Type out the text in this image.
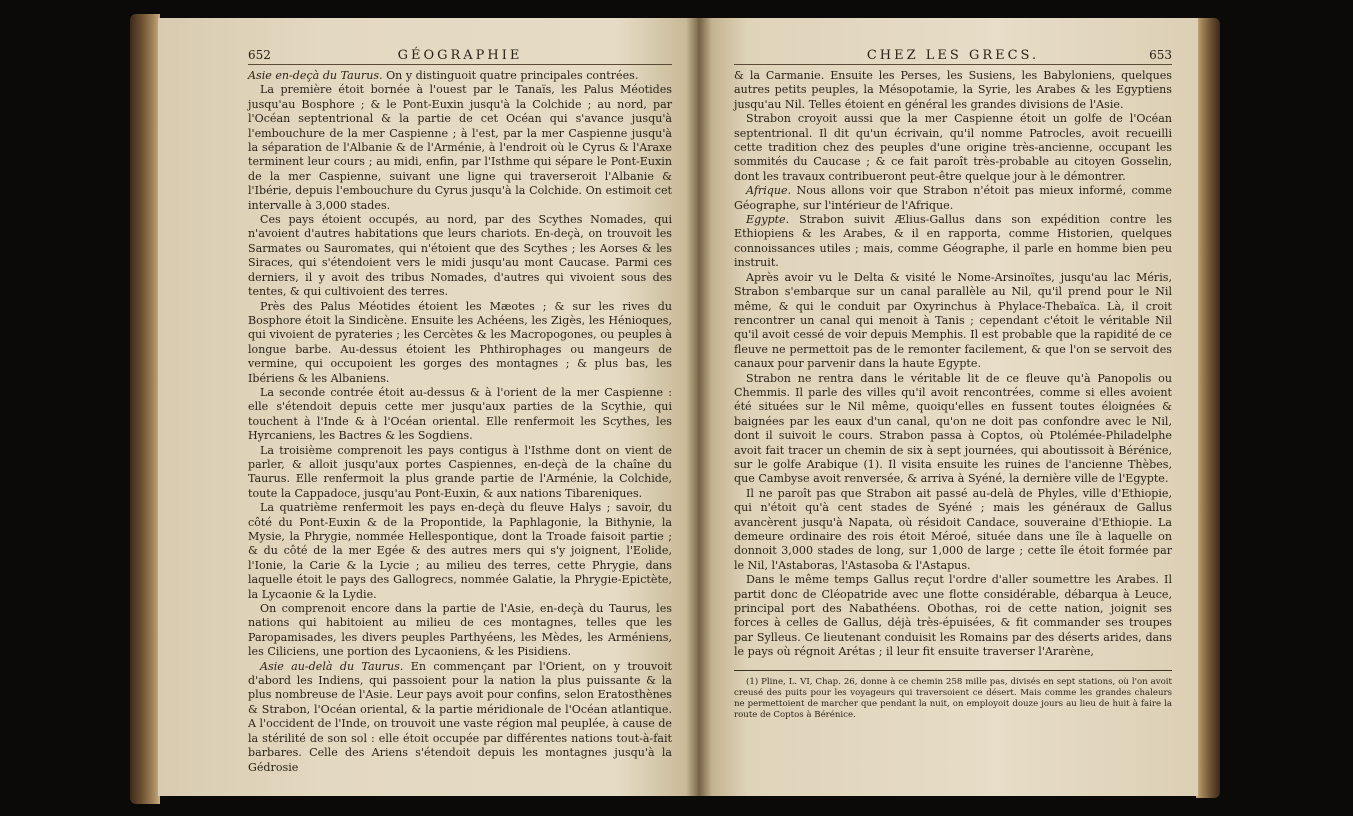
652	GÉOGRAPHIE

Asie en-deçà du Taurus. On y distinguoit quatre principales contrées.

La première étoit bornée à l'ouest par le Tanaïs, les Palus Méotides jusqu'au Bosphore ; & le Pont-Euxin jusqu'à la Colchide ; au nord, par l'Océan septentrional & la partie de cet Océan qui s'avance jusqu'à l'embouchure de la mer Caspienne ; à l'est, par la mer Caspienne jusqu'à la séparation de l'Albanie & de l'Arménie, à l'endroit où le Cyrus & l'Araxe terminent leur cours ; au midi, enfin, par l'Isthme qui sépare le Pont-Euxin de la mer Caspienne, suivant une ligne qui traverseroit l'Albanie & l'Ibérie, depuis l'embouchure du Cyrus jusqu'à la Colchide. On estimoit cet intervalle à 3,000 stades.

Ces pays étoient occupés, au nord, par des Scythes Nomades, qui n'avoient d'autres habitations que leurs chariots. En-deçà, on trouvoit les Sarmates ou Sauromates, qui n'étoient que des Scythes ; les Aorses & les Siraces, qui s'étendoient vers le midi jusqu'au mont Caucase. Parmi ces derniers, il y avoit des tribus Nomades, d'autres qui vivoient sous des tentes, & qui cultivoient des terres.

Près des Palus Méotides étoient les Mæotes ; & sur les rives du Bosphore étoit la Sindicène. Ensuite les Achéens, les Zigès, les Hénioques, qui vivoient de pyrateries ; les Cercètes & les Macropogones, ou peuples à longue barbe. Au-dessus étoient les Phthirophages ou mangeurs de vermine, qui occupoient les gorges des montagnes ; & plus bas, les Ibériens & les Albaniens.

La seconde contrée étoit au-dessus & à l'orient de la mer Caspienne : elle s'étendoit depuis cette mer jusqu'aux parties de la Scythie, qui touchent à l'Inde & à l'Océan oriental. Elle renfermoit les Scythes, les Hyrcaniens, les Bactres & les Sogdiens.

La troisième comprenoit les pays contigus à l'Isthme dont on vient de parler, & alloit jusqu'aux portes Caspiennes, en-deçà de la chaîne du Taurus. Elle renfermoit la plus grande partie de l'Arménie, la Colchide, toute la Cappadoce, jusqu'au Pont-Euxin, & aux nations Tibareniques.

La quatrième renfermoit les pays en-deçà du fleuve Halys ; savoir, du côté du Pont-Euxin & de la Propontide, la Paphlagonie, la Bithynie, la Mysie, la Phrygie, nommée Hellespontique, dont la Troade faisoit partie ; & du côté de la mer Egée & des autres mers qui s'y joignent, l'Eolide, l'Ionie, la Carie & la Lycie ; au milieu des terres, cette Phrygie, dans laquelle étoit le pays des Gallogrecs, nommée Galatie, la Phrygie-Epictète, la Lycaonie & la Lydie.

On comprenoit encore dans la partie de l'Asie, en-deçà du Taurus, les nations qui habitoient au milieu de ces montagnes, telles que les Paropamisades, les divers peuples Parthyéens, les Mèdes, les Arméniens, les Ciliciens, une portion des Lycaoniens, & les Pisidiens.

Asie au-delà du Taurus. En commençant par l'Orient, on y trouvoit d'abord les Indiens, qui passoient pour la nation la plus puissante & la plus nombreuse de l'Asie. Leur pays avoit pour confins, selon Eratosthènes & Strabon, l'Océan oriental, & la partie méridionale de l'Océan atlantique. A l'occident de l'Inde, on trouvoit une vaste région mal peuplée, à cause de la stérilité de son sol : elle étoit occupée par différentes nations tout-à-fait barbares. Celle des Ariens s'étendoit depuis les montagnes jusqu'à la Gédrosie

CHEZ LES GRECS.	653

& la Carmanie. Ensuite les Perses, les Susiens, les Babyloniens, quelques autres petits peuples, la Mésopotamie, la Syrie, les Arabes & les Egyptiens jusqu'au Nil. Telles étoient en général les grandes divisions de l'Asie.

Strabon croyoit aussi que la mer Caspienne étoit un golfe de l'Océan septentrional. Il dit qu'un écrivain, qu'il nomme Patrocles, avoit recueilli cette tradition chez des peuples d'une origine très-ancienne, occupant les sommités du Caucase ; & ce fait paroît très-probable au citoyen Gosselin, dont les travaux contribueront peut-être quelque jour à le démontrer.

Afrique. Nous allons voir que Strabon n'étoit pas mieux informé, comme Géographe, sur l'intérieur de l'Afrique.

Egypte. Strabon suivit Ælius-Gallus dans son expédition contre les Ethiopiens & les Arabes, & il en rapporta, comme Historien, quelques connoissances utiles ; mais, comme Géographe, il parle en homme bien peu instruit.

Après avoir vu le Delta & visité le Nome-Arsinoïtes, jusqu'au lac Méris, Strabon s'embarque sur un canal parallèle au Nil, qu'il prend pour le Nil même, & qui le conduit par Oxyrinchus à Phylace-Thebaïca. Là, il croit rencontrer un canal qui menoit à Tanis ; cependant c'étoit le véritable Nil qu'il avoit cessé de voir depuis Memphis. Il est probable que la rapidité de ce fleuve ne permettoit pas de le remonter facilement, & que l'on se servoit des canaux pour parvenir dans la haute Egypte.

Strabon ne rentra dans le véritable lit de ce fleuve qu'à Panopolis ou Chemmis. Il parle des villes qu'il avoit rencontrées, comme si elles avoient été situées sur le Nil même, quoiqu'elles en fussent toutes éloignées & baignées par les eaux d'un canal, qu'on ne doit pas confondre avec le Nil, dont il suivoit le cours. Strabon passa à Coptos, où Ptolémée-Philadelphe avoit fait tracer un chemin de six à sept journées, qui aboutissoit à Bérénice, sur le golfe Arabique (1). Il visita ensuite les ruines de l'ancienne Thèbes, que Cambyse avoit renversée, & arriva à Syéné, la dernière ville de l'Egypte.

Il ne paroît pas que Strabon ait passé au-delà de Phyles, ville d'Ethiopie, qui n'étoit qu'à cent stades de Syéné ; mais les généraux de Gallus avancèrent jusqu'à Napata, où résidoit Candace, souveraine d'Ethiopie. La demeure ordinaire des rois étoit Méroé, située dans une île à laquelle on donnoit 3,000 stades de long, sur 1,000 de large ; cette île étoit formée par le Nil, l'Astaboras, l'Astasoba & l'Astapus.

Dans le même temps Gallus reçut l'ordre d'aller soumettre les Arabes. Il partit donc de Cléopatride avec une flotte considérable, débarqua à Leuce, principal port des Nabathéens. Obothas, roi de cette nation, joignit ses forces à celles de Gallus, déjà très-épuisées, & fit commander ses troupes par Sylleus. Ce lieutenant conduisit les Romains par des déserts arides, dans le pays où régnoit Arétas ; il leur fit ensuite traverser l'Ararène,

(1) Pline, L. VI, Chap. 26, donne à ce chemin 258 mille pas, divisés en sept stations, où l'on avoit creusé des puits pour les voyageurs qui traversoient ce désert. Mais comme les grandes chaleurs ne permettoient de marcher que pendant la nuit, on employoit douze jours au lieu de huit à faire la route de Coptos à Bérénice.
